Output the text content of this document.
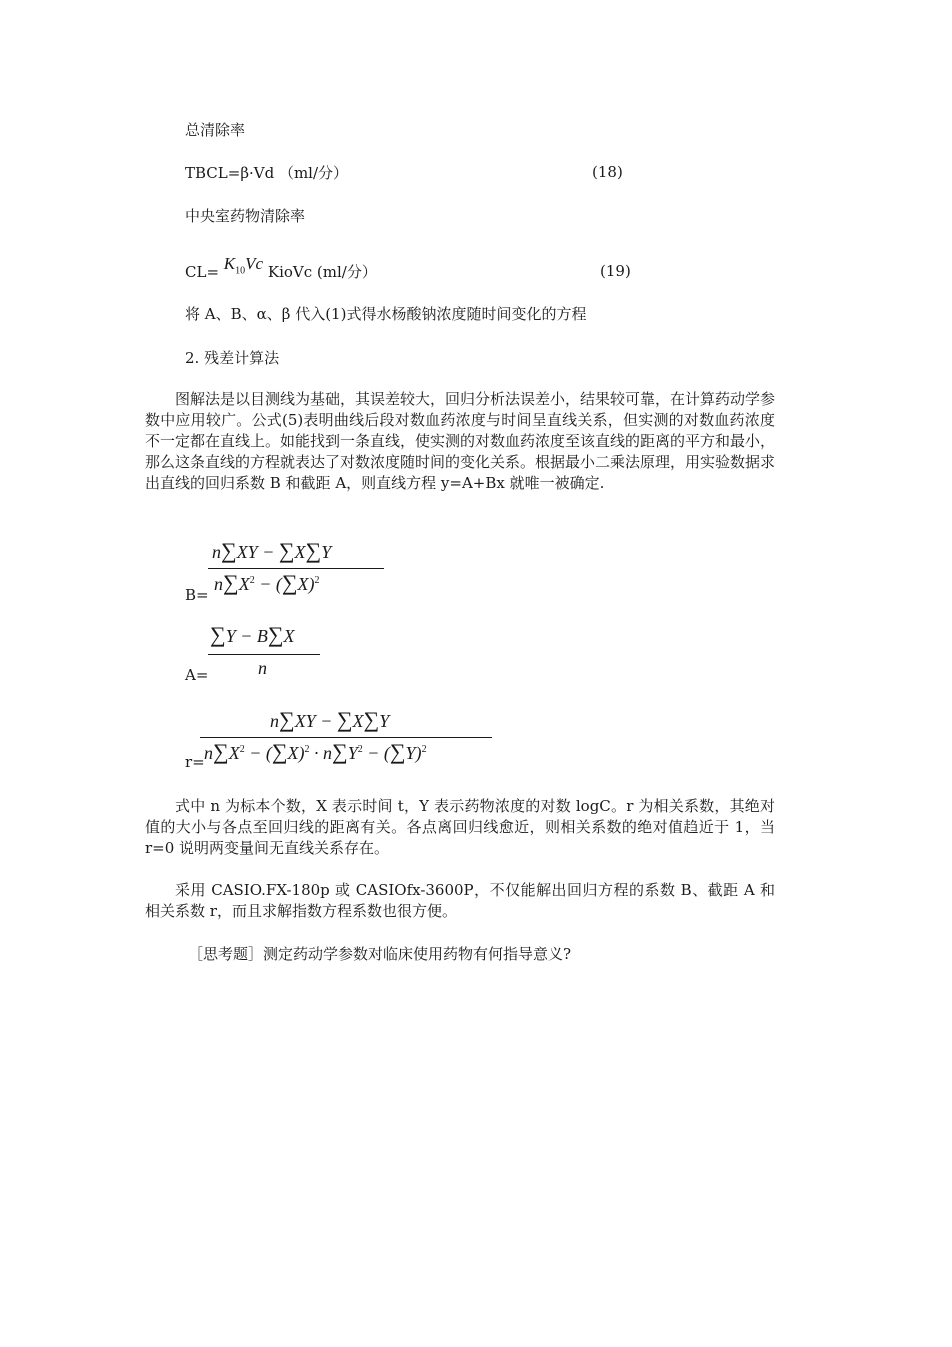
总清除率
TBCL=β·Vd （ml/分）	(18)
中央室药物清除率
$CL= K_{10}Vc$ KioVc (ml/分）	(19)
将 A、B、α、β 代入(1)式得水杨酸钠浓度随时间变化的方程
2. 残差计算法
图解法是以目测线为基础，其误差较大，回归分析法误差小，结果较可靠，在计算药动学参数中应用较广。公式(5)表明曲线后段对数血药浓度与时间呈直线关系，但实测的对数血药浓度不一定都在直线上。如能找到一条直线，使实测的对数血药浓度至该直线的距离的平方和最小，那么这条直线的方程就表达了对数浓度随时间的变化关系。根据最小二乘法原理，用实验数据求出直线的回归系数 B 和截距 A，则直线方程 y=A+Bx 就唯一被确定.
B=
n∑XY − ∑X∑Y
$n\sum X^2 - (\sum X)^2$
A=
∑Y − B∑X
n
r=
n∑XY − ∑X∑Y
$n\sum X^2 - (\sum X)^2 \cdot n\sum Y^2 - (\sum Y)^2$
式中 n 为标本个数，X 表示时间 t，Y 表示药物浓度的对数 logC。r 为相关系数，其绝对值的大小与各点至回归线的距离有关。各点离回归线愈近，则相关系数的绝对值趋近于 1，当 r=0 说明两变量间无直线关系存在。
采用 CASIO.FX-180p 或 CASIOfx-3600P，不仅能解出回归方程的系数 B、截距 A 和相关系数 r，而且求解指数方程系数也很方便。
［思考题］测定药动学参数对临床使用药物有何指导意义?
